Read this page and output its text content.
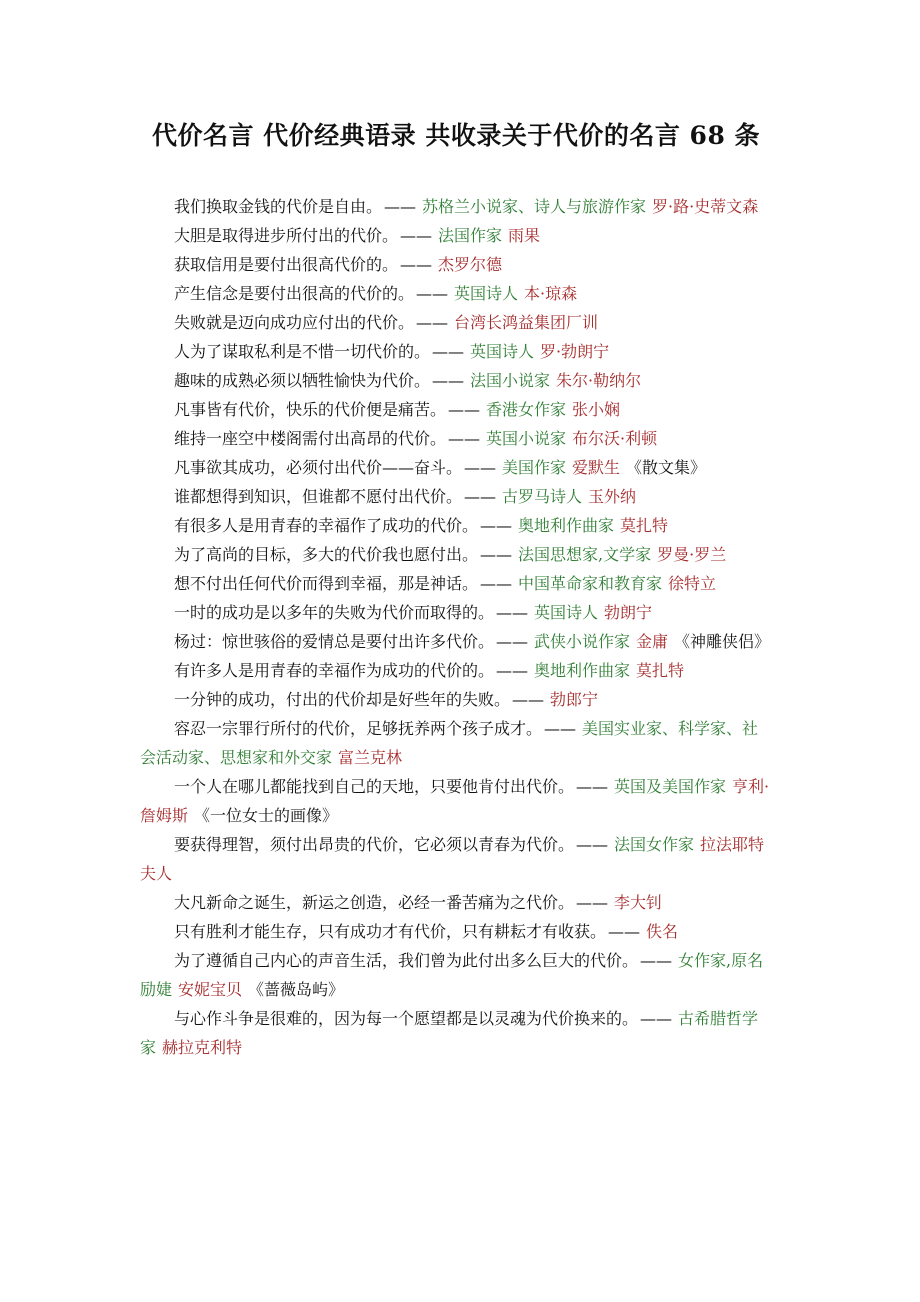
代价名言 代价经典语录 共收录关于代价的名言 68 条

我们换取金钱的代价是自由。 —— 苏格兰小说家、诗人与旅游作家 罗·路·史蒂文森

大胆是取得进步所付出的代价。 —— 法国作家 雨果

获取信用是要付出很高代价的。 —— 杰罗尔德

产生信念是要付出很高的代价的。 —— 英国诗人 本·琼森

失败就是迈向成功应付出的代价。 —— 台湾长鸿益集团厂训

人为了谋取私利是不惜一切代价的。 —— 英国诗人 罗·勃朗宁

趣味的成熟必须以牺牲愉快为代价。 —— 法国小说家 朱尔·勒纳尔

凡事皆有代价，快乐的代价便是痛苦。 —— 香港女作家 张小娴

维持一座空中楼阁需付出高昂的代价。 —— 英国小说家 布尔沃·利顿

凡事欲其成功，必须付出代价——奋斗。 —— 美国作家 爱默生 《散文集》

谁都想得到知识，但谁都不愿付出代价。 —— 古罗马诗人 玉外纳

有很多人是用青春的幸福作了成功的代价。 —— 奥地利作曲家 莫扎特

为了高尚的目标，多大的代价我也愿付出。 —— 法国思想家,文学家 罗曼·罗兰

想不付出任何代价而得到幸福，那是神话。 —— 中国革命家和教育家 徐特立

一时的成功是以多年的失败为代价而取得的。 —— 英国诗人 勃朗宁

杨过：惊世骇俗的爱情总是要付出许多代价。 —— 武侠小说作家 金庸 《神雕侠侣》

有许多人是用青春的幸福作为成功的代价的。 —— 奥地利作曲家 莫扎特

一分钟的成功，付出的代价却是好些年的失败。 —— 勃郎宁

容忍一宗罪行所付的代价，足够抚养两个孩子成才。 —— 美国实业家、科学家、社会活动家、思想家和外交家 富兰克林

一个人在哪儿都能找到自己的天地，只要他肯付出代价。 —— 英国及美国作家 亨利·詹姆斯 《一位女士的画像》

要获得理智，须付出昂贵的代价，它必须以青春为代价。 —— 法国女作家 拉法耶特夫人

大凡新命之诞生，新运之创造，必经一番苦痛为之代价。 —— 李大钊

只有胜利才能生存，只有成功才有代价，只有耕耘才有收获。 —— 佚名

为了遵循自己内心的声音生活，我们曾为此付出多么巨大的代价。 —— 女作家,原名励婕 安妮宝贝 《蔷薇岛屿》

与心作斗争是很难的，因为每一个愿望都是以灵魂为代价换来的。 —— 古希腊哲学家 赫拉克利特
